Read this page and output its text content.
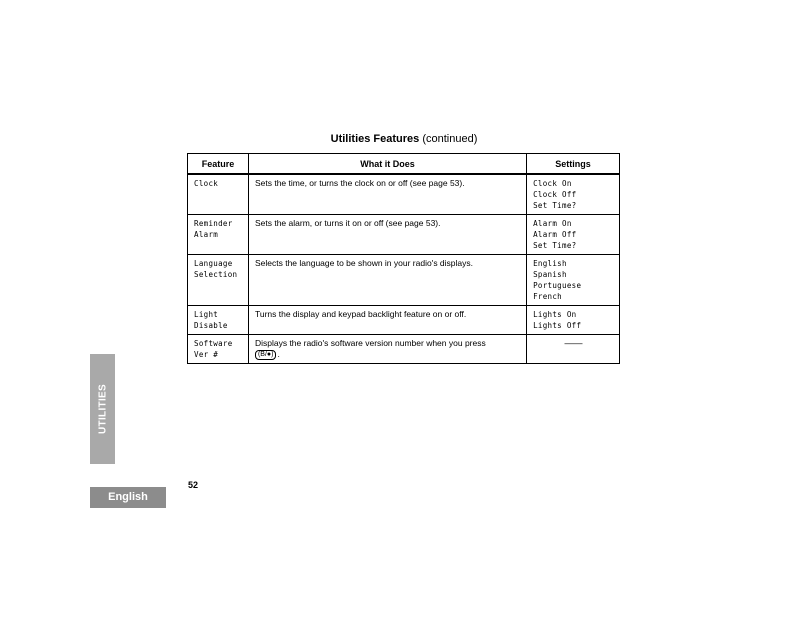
Utilities Features (continued)
Feature	What it Does	Settings

Clock	Sets the time, or turns the clock on or off (see page 53).	Clock On
Clock Off
Set Time?

Reminder
Alarm	Sets the alarm, or turns it on or off (see page 53).	Alarm On
Alarm Off
Set Time?

Language
Selection	Selects the language to be shown in your radio's displays.	English
Spanish
Portuguese
French

Light
Disable	Turns the display and keypad backlight feature on or off.	Lights On
Lights Off

Software
Ver #	Displays the radio's software version number when you press
(B/●) .	——
UTILITIES
52
English
